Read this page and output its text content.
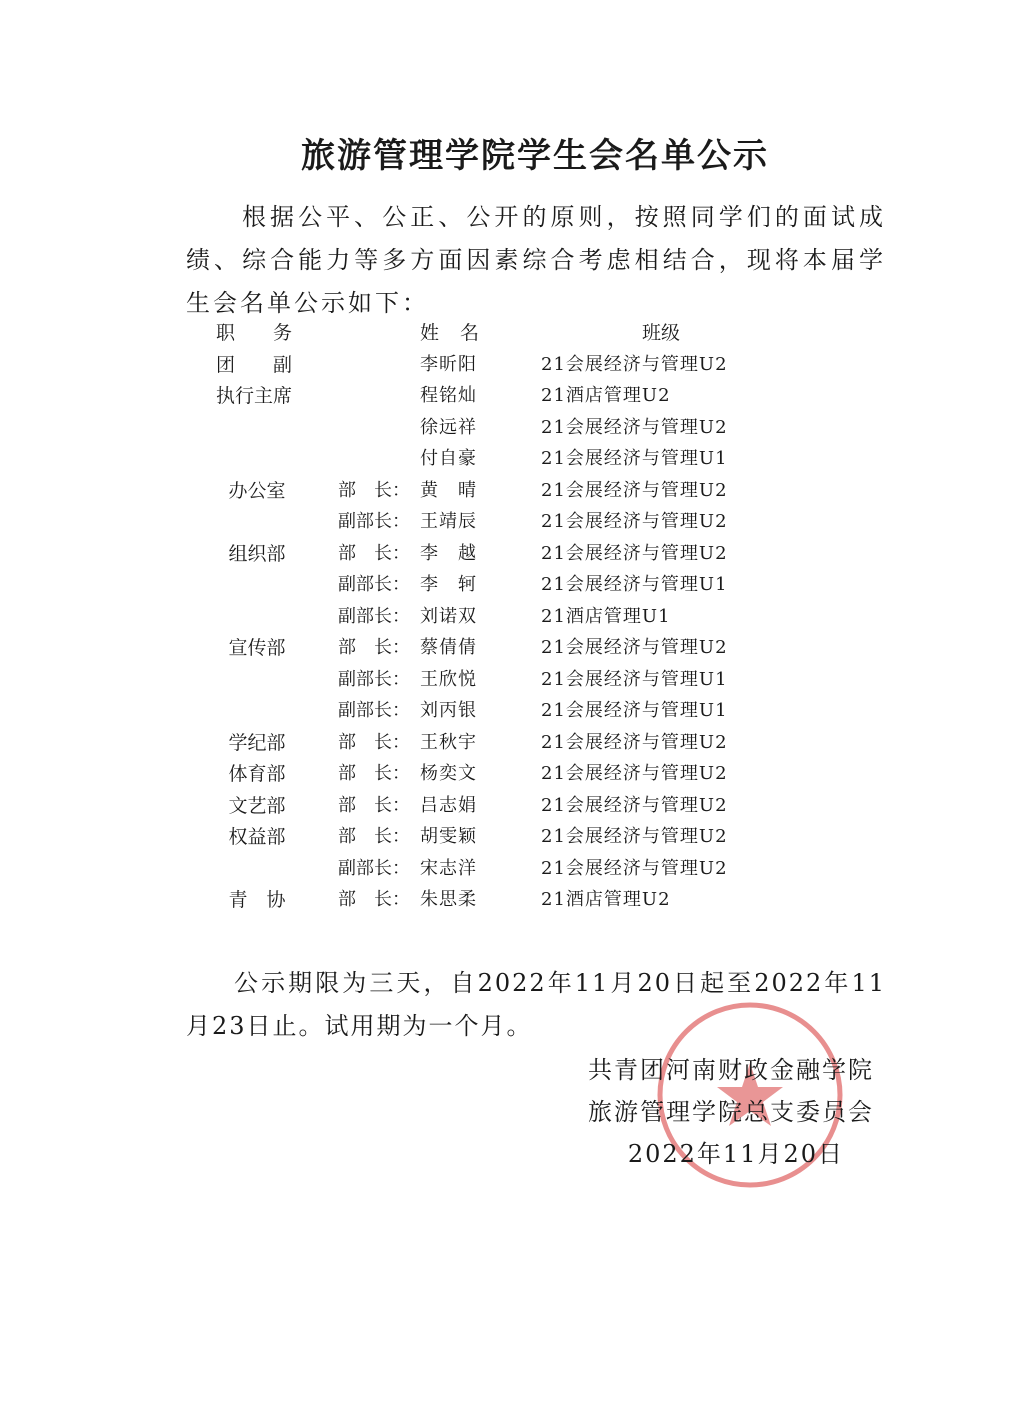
旅游管理学院学生会名单公示
根据公平、公正、公开的原则，按照同学们的面试成绩、综合能力等多方面因素综合考虑相结合，现将本届学生会名单公示如下：
职　　务	姓　名	班级
团　　副	李昕阳	21会展经济与管理U2
执行主席	程铭灿	21酒店管理U2
徐远祥	21会展经济与管理U2
付自豪	21会展经济与管理U1
办公室	部　长： 黄　晴	21会展经济与管理U2
副部长： 王靖辰	21会展经济与管理U2
组织部	部　长： 李　越	21会展经济与管理U2
副部长： 李　轲	21会展经济与管理U1
副部长： 刘诺双	21酒店管理U1
宣传部	部　长： 蔡倩倩	21会展经济与管理U2
副部长： 王欣悦	21会展经济与管理U1
副部长： 刘丙银	21会展经济与管理U1
学纪部	部　长： 王秋宇	21会展经济与管理U2
体育部	部　长： 杨奕文	21会展经济与管理U2
文艺部	部　长： 吕志娟	21会展经济与管理U2
权益部	部　长： 胡雯颖	21会展经济与管理U2
副部长： 宋志洋	21会展经济与管理U2
青　协	部　长： 朱思柔	21酒店管理U2
公示期限为三天，自2022年11月20日起至2022年11月23日止。试用期为一个月。
共青团河南财政金融学院
旅游管理学院总支委员会
2022年11月20日
